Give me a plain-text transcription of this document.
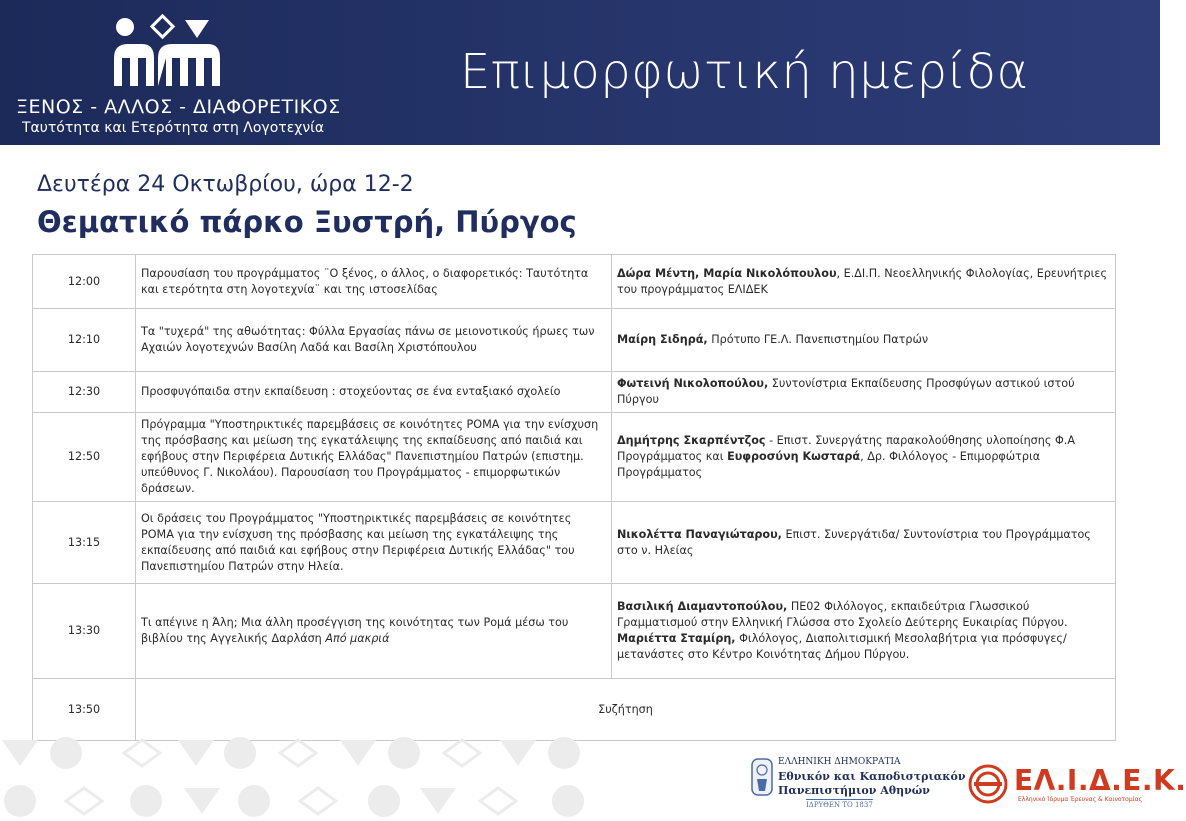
ΞΕΝΟΣ - ΑΛΛΟΣ - ΔΙΑΦΟΡΕΤΙΚΟΣ
Ταυτότητα και Ετερότητα στη Λογοτεχνία
Επιμορφωτική ημερίδα
Δευτέρα 24 Οκτωβρίου, ώρα 12-2
Θεματικό πάρκο Ξυστρή, Πύργος
12:00	Παρουσίαση του προγράμματος ¨Ο ξένος, ο άλλος, ο διαφορετικός: Ταυτότητα και ετερότητα στη λογοτεχνία¨ και της ιστοσελίδας	Δώρα Μέντη, Μαρία Νικολόπουλου, Ε.ΔΙ.Π. Νεοελληνικής Φιλολογίας, Ερευνήτριες του προγράμματος ΕΛΙΔΕΚ
12:10	Τα "τυχερά" της αθωότητας: Φύλλα Εργασίας πάνω σε μειονοτικούς ήρωες των Αχαιών λογοτεχνών Βασίλη Λαδά και Βασίλη Χριστόπουλου	Μαίρη Σιδηρά, Πρότυπο ΓΕ.Λ. Πανεπιστημίου Πατρών
12:30	Προσφυγόπαιδα στην εκπαίδευση : στοχεύοντας σε ένα ενταξιακό σχολείο	Φωτεινή Νικολοπούλου, Συντονίστρια Εκπαίδευσης Προσφύγων αστικού ιστού Πύργου
12:50	Πρόγραμμα "Υποστηρικτικές παρεμβάσεις σε κοινότητες ΡΟΜΑ για την ενίσχυση της πρόσβασης και μείωση της εγκατάλειψης της εκπαίδευσης από παιδιά και εφήβους στην Περιφέρεια Δυτικής Ελλάδας" Πανεπιστημίου Πατρών (επιστημ. υπεύθυνος Γ. Νικολάου). Παρουσίαση του Προγράμματος - επιμορφωτικών δράσεων.	Δημήτρης Σκαρπέντζος - Επιστ. Συνεργάτης παρακολούθησης υλοποίησης Φ.Α Προγράμματος και Ευφροσύνη Κωσταρά, Δρ. Φιλόλογος - Επιμορφώτρια Προγράμματος
13:15	Οι δράσεις του Προγράμματος "Υποστηρικτικές παρεμβάσεις σε κοινότητες ΡΟΜΑ για την ενίσχυση της πρόσβασης και μείωση της εγκατάλειψης της εκπαίδευσης από παιδιά και εφήβους στην Περιφέρεια Δυτικής Ελλάδας" του Πανεπιστημίου Πατρών στην Ηλεία.	Νικολέττα Παναγιώταρου, Επιστ. Συνεργάτιδα/ Συντονίστρια του Προγράμματος στο ν. Ηλείας
13:30	Τι απέγινε η Άλη; Μια άλλη προσέγγιση της κοινότητας των Ρομά μέσω του βιβλίου της Αγγελικής Δαρλάση Από μακριά	Βασιλική Διαμαντοπούλου, ΠΕ02 Φιλόλογος, εκπαιδεύτρια Γλωσσικού Γραμματισμού στην Ελληνική Γλώσσα στο Σχολείο Δεύτερης Ευκαιρίας Πύργου.
Μαριέττα Σταμίρη, Φιλόλογος, Διαπολιτισμική Μεσολαβήτρια για πρόσφυγες/μετανάστες στο Κέντρο Κοινότητας Δήμου Πύργου.
13:50	Συζήτηση	
ΕΛΛΗΝΙΚΗ ΔΗΜΟΚΡΑΤΙΑ
Εθνικόν και Καποδιστριακόν
Πανεπιστήμιον Αθηνών
ΙΔΡΥΘΕΝ ΤΟ 1837
ΕΛ.Ι.Δ.Ε.Κ.
Ελληνικό Ίδρυμα Έρευνας & Καινοτομίας
